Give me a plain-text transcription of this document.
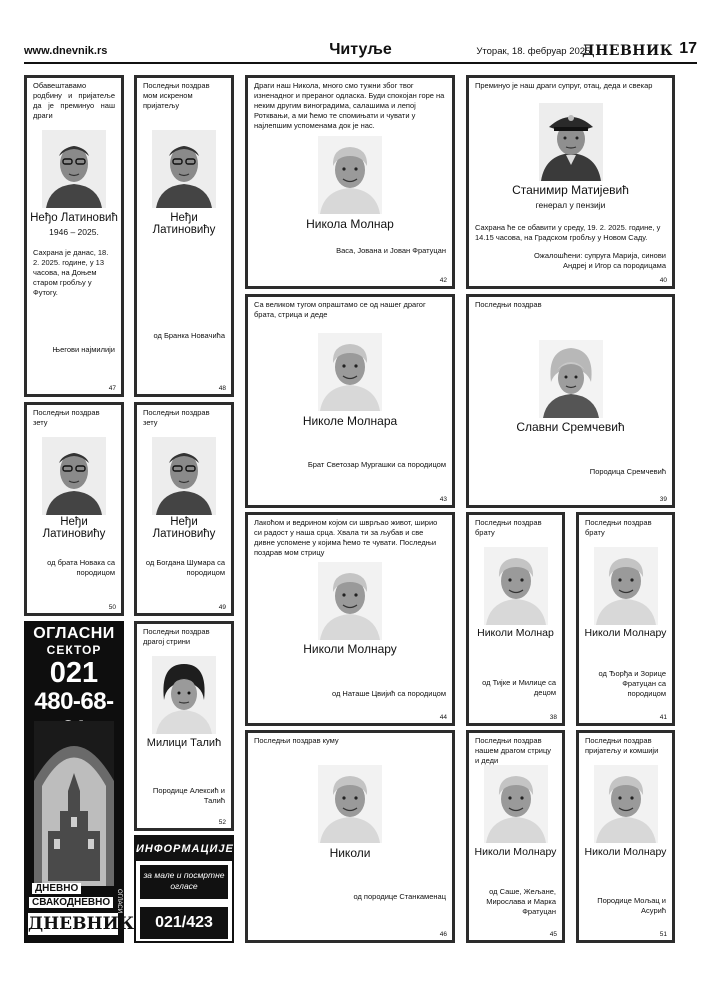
www.dnevnik.rs	Читуље	Уторак, 18. фебруар 2025.
ДНЕВНИК 17
Обавештавамо родбину и пријатеље да је преминуо наш драги
Неђо Латиновић
1946 – 2025.
Сахрана је данас, 18. 2. 2025. године, у 13 часова, на Доњем старом гробљу у Футогу.
Његови најмилији
47
Последњи поздрав мом искреном пријатељу
Неђи Латиновићу
од Бранка Новачића
48
Драги наш Никола, много смо тужни због твог изненадног и прераног одласка. Буди спокојан горе на неким другим виноградима, салашима и лепој Ротквањи, а ми ћемо те спомињати и чувати у најлепшим успоменама док је нас.
Никола Молнар
Васа, Јована и Јован Фратуцан
42
Преминуо је наш драги супруг, отац, деда и свекар
Станимир Матијевић
генерал у пензији
Сахрана ће се обавити у среду, 19. 2. 2025. године, у 14.15 часова, на Градском гробљу у Новом Саду.
Ожалошћени: супруга Марија, синови Андреј и Игор са породицама
40
Са великом тугом опраштамо се од нашег драгог брата, стрица и деде
Николе Молнара
Брат Светозар Мургашки са породицом
43
Последњи поздрав
Славни Сремчевић
Породица Сремчевић
39
Последњи поздрав зету
Неђи Латиновићу
од брата Новака са породицом
50
Последњи поздрав зету
Неђи Латиновићу
од Богдана Шумара са породицом
49
Лакоћом и ведрином којом си шврљао живот, ширио си радост у наша срца. Хвала ти за љубав и све дивне успомене у којима ћемо те чувати. Последњи поздрав мом стрицу
Николи Молнару
од Наташе Цвијић са породицом
44
Последњи поздрав брату
Николи Молнар
од Тијке и Милице са децом
38
Последњи поздрав брату
Николи Молнару
од Ђорђа и Зорице Фратуцан са породицом
41
Последњи поздрав драгој стрини
Милици Талић
Породице Алексић и Талић
52
Последњи поздрав куму
Николи
од породице Станкаменац
46
Последњи поздрав нашем драгом стрицу и деди
Николи Молнару
од Саше, Жељане, Мирослава и Марка Фратуцан
45
Последњи поздрав пријатељу и комшији
Николи Молнару
Породице Мољац и Асурић
51
ОГЛАСНИ
СЕКТОР
021
480-68-
ДНЕВНО
СВАКОДНЕВНО ОГЛАСИ
ДНЕВНИК
ИНФОРМАЦИЈЕ
за мале и посмртне огласе
021/423 761
